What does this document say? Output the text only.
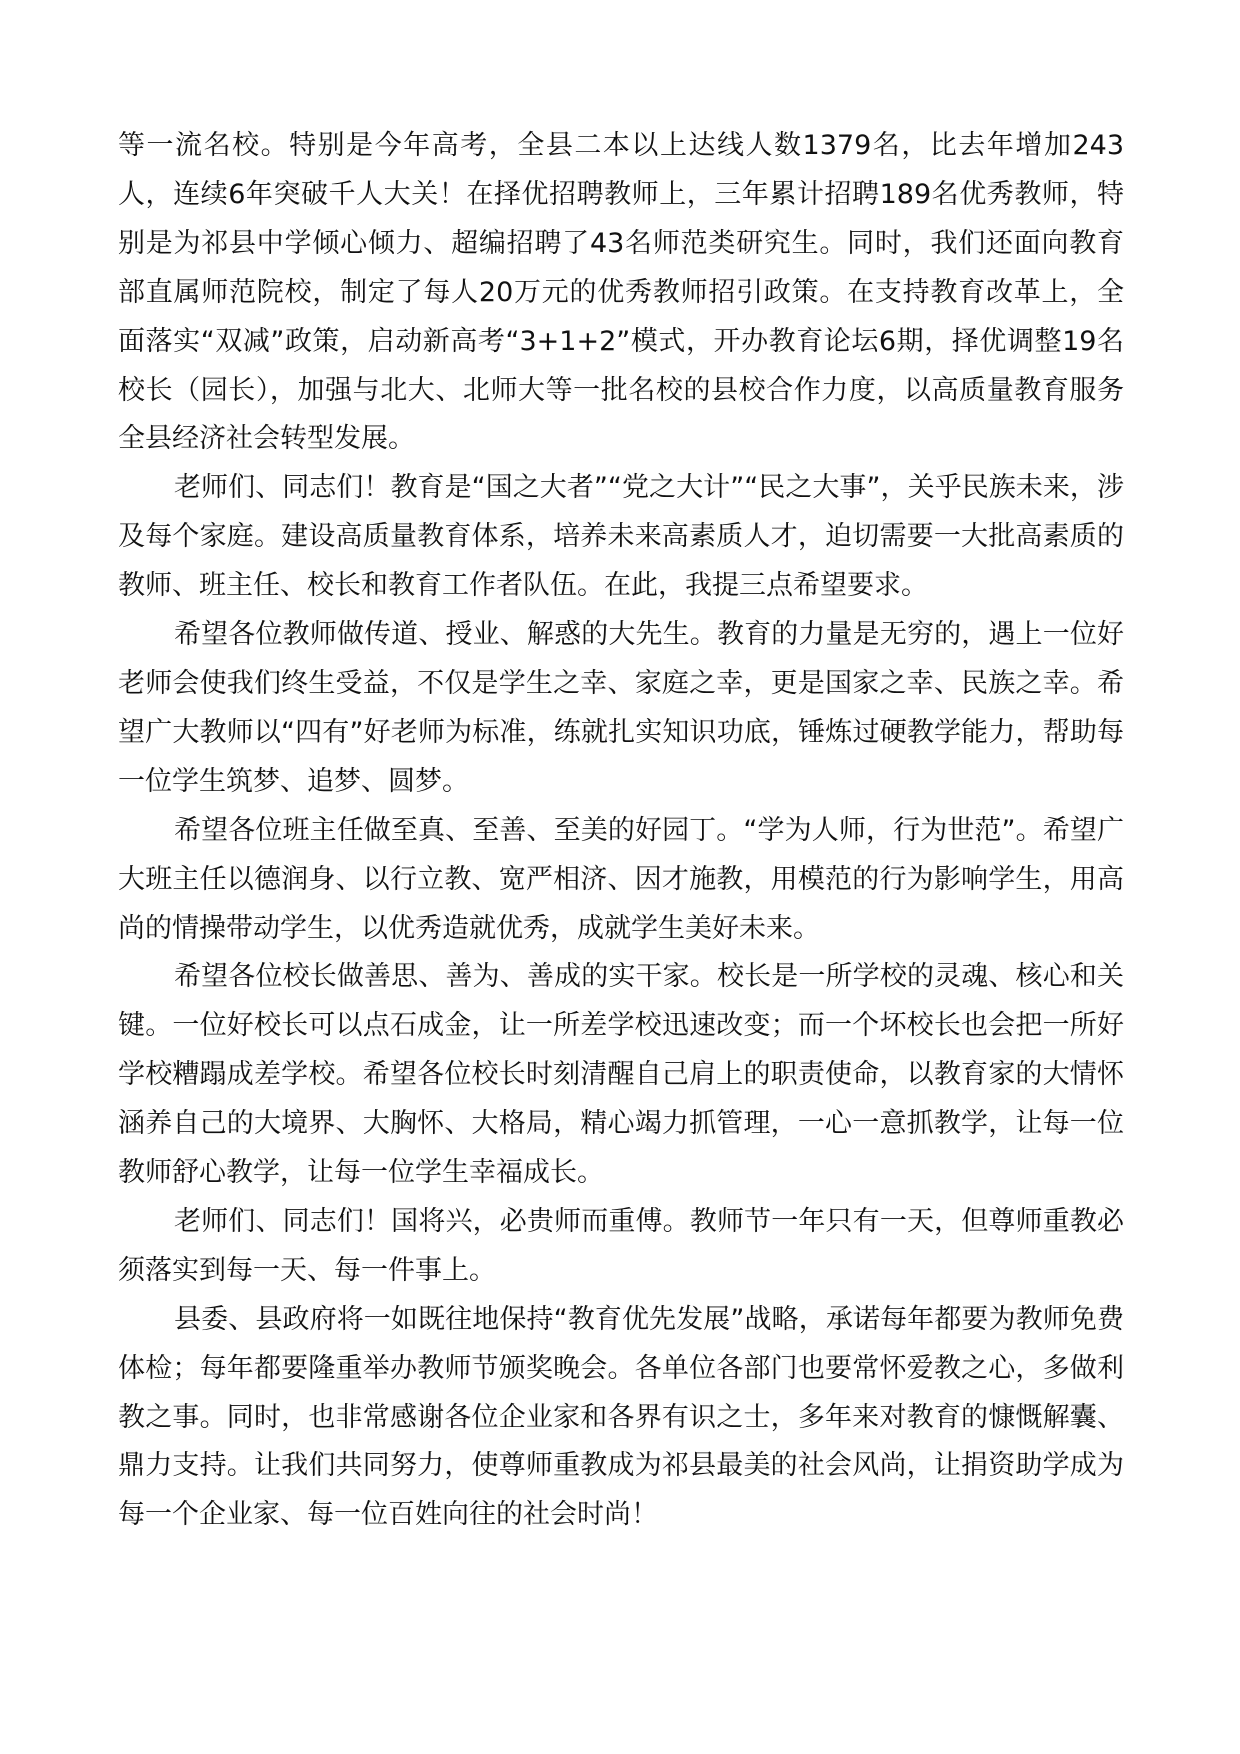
等一流名校。特别是今年高考，全县二本以上达线人数1379名，比去年增加243人，连续6年突破千人大关！在择优招聘教师上，三年累计招聘189名优秀教师，特别是为祁县中学倾心倾力、超编招聘了43名师范类研究生。同时，我们还面向教育部直属师范院校，制定了每人20万元的优秀教师招引政策。在支持教育改革上，全面落实“双减”政策，启动新高考“3+1+2”模式，开办教育论坛6期，择优调整19名校长（园长），加强与北大、北师大等一批名校的县校合作力度，以高质量教育服务全县经济社会转型发展。

老师们、同志们！教育是“国之大者”“党之大计”“民之大事”，关乎民族未来，涉及每个家庭。建设高质量教育体系，培养未来高素质人才，迫切需要一大批高素质的教师、班主任、校长和教育工作者队伍。在此，我提三点希望要求。

希望各位教师做传道、授业、解惑的大先生。教育的力量是无穷的，遇上一位好老师会使我们终生受益，不仅是学生之幸、家庭之幸，更是国家之幸、民族之幸。希望广大教师以“四有”好老师为标准，练就扎实知识功底，锤炼过硬教学能力，帮助每一位学生筑梦、追梦、圆梦。

希望各位班主任做至真、至善、至美的好园丁。“学为人师，行为世范”。希望广大班主任以德润身、以行立教、宽严相济、因才施教，用模范的行为影响学生，用高尚的情操带动学生，以优秀造就优秀，成就学生美好未来。

希望各位校长做善思、善为、善成的实干家。校长是一所学校的灵魂、核心和关键。一位好校长可以点石成金，让一所差学校迅速改变；而一个坏校长也会把一所好学校糟蹋成差学校。希望各位校长时刻清醒自己肩上的职责使命，以教育家的大情怀涵养自己的大境界、大胸怀、大格局，精心竭力抓管理，一心一意抓教学，让每一位教师舒心教学，让每一位学生幸福成长。

老师们、同志们！国将兴，必贵师而重傅。教师节一年只有一天，但尊师重教必须落实到每一天、每一件事上。

县委、县政府将一如既往地保持“教育优先发展”战略，承诺每年都要为教师免费体检；每年都要隆重举办教师节颁奖晚会。各单位各部门也要常怀爱教之心，多做利教之事。同时，也非常感谢各位企业家和各界有识之士，多年来对教育的慷慨解囊、鼎力支持。让我们共同努力，使尊师重教成为祁县最美的社会风尚，让捐资助学成为每一个企业家、每一位百姓向往的社会时尚！
